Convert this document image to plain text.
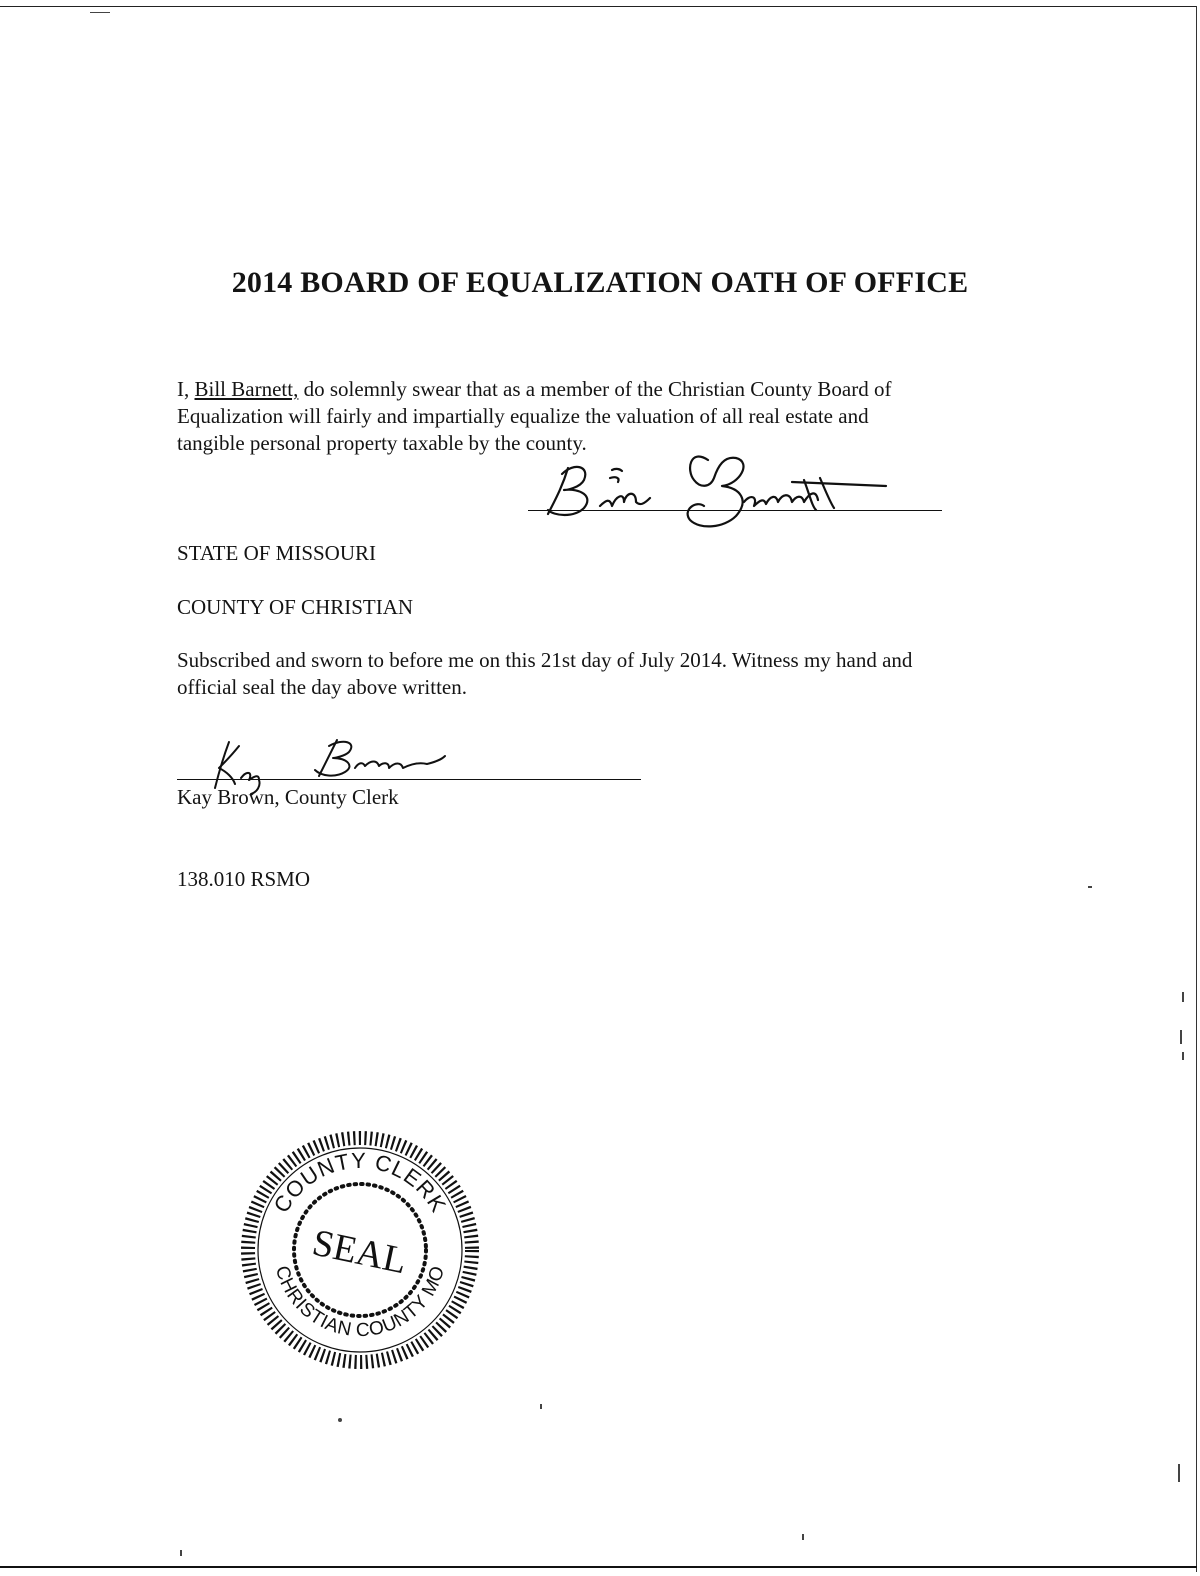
2014 BOARD OF EQUALIZATION OATH OF OFFICE
I, Bill Barnett, do solemnly swear that as a member of the Christian County Board of
Equalization will fairly and impartially equalize the valuation of all real estate and
tangible personal property taxable by the county.
STATE OF MISSOURI
COUNTY OF CHRISTIAN
Subscribed and sworn to before me on this 21st day of July 2014. Witness my hand and
official seal the day above written.
Kay Brown, County Clerk
138.010 RSMO
COUNTY CLERK
CHRISTIAN COUNTY MO
SEAL
